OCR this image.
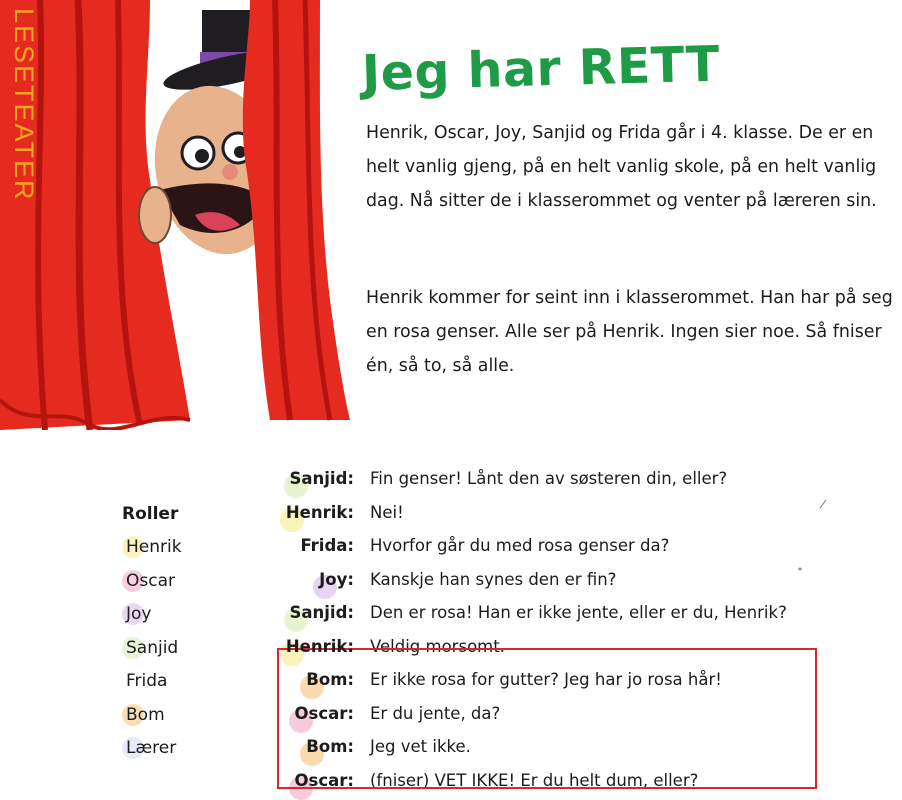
LESETEATER	Jeg har RETT

Henrik, Oscar, Joy, Sanjid og Frida går i 4. klasse. De er en helt vanlig gjeng, på en helt vanlig skole, på en helt vanlig dag. Nå sitter de i klasserommet og venter på læreren sin.

Henrik kommer for seint inn i klasserommet. Han har på seg en rosa genser. Alle ser på Henrik. Ingen sier noe. Så fniser én, så to, så alle.

Roller
Henrik
Oscar
Joy
Sanjid
Frida
Bom
Lærer
Sanjid: Fin genser! Lånt den av søsteren din, eller?
Henrik: Nei!
Frida: Hvorfor går du med rosa genser da?
Joy: Kanskje han synes den er fin?
Sanjid: Den er rosa! Han er ikke jente, eller er du, Henrik?
Henrik: Veldig morsomt.
Bom: Er ikke rosa for gutter? Jeg har jo rosa hår!
Oscar: Er du jente, da?
Bom: Jeg vet ikke.
Oscar: (fniser) VET IKKE! Er du helt dum, eller?
